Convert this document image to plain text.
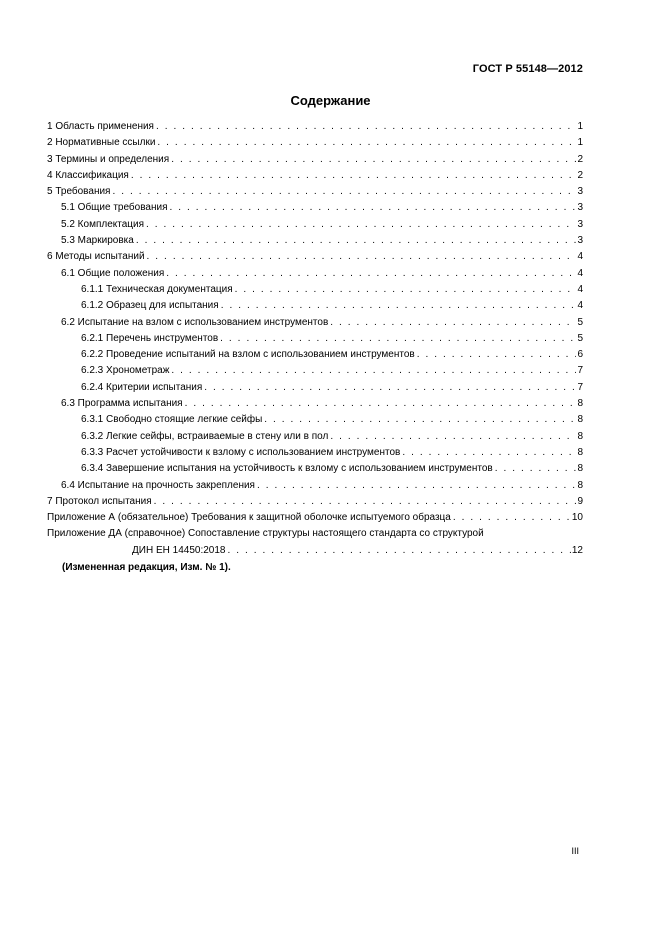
ГОСТ Р 55148—2012
Содержание
1 Область применения . . .	1
2 Нормативные ссылки . . .	1
3 Термины и определения . . .	2
4 Классификация . . .	2
5 Требования . . .	3
5.1 Общие требования . . .	3
5.2 Комплектация . . .	3
5.3 Маркировка . . .	3
6 Методы испытаний . . .	4
6.1 Общие положения . . .	4
6.1.1 Техническая документация . . .	4
6.1.2 Образец для испытания . . .	4
6.2 Испытание на взлом с использованием инструментов . . .	5
6.2.1 Перечень инструментов . . .	5
6.2.2 Проведение испытаний на взлом с использованием инструментов . . .	6
6.2.3 Хронометраж . . .	7
6.2.4 Критерии испытания . . .	7
6.3 Программа испытания . . .	8
6.3.1 Свободно стоящие легкие сейфы . . .	8
6.3.2 Легкие сейфы, встраиваемые в стену или в пол . . .	8
6.3.3 Расчет устойчивости к взлому с использованием инструментов . . .	8
6.3.4 Завершение испытания на устойчивость к взлому с использованием инструментов . . .	8
6.4 Испытание на прочность закрепления . . .	8
7 Протокол испытания . . .	9
Приложение А (обязательное) Требования к защитной оболочке испытуемого образца . . .	10
Приложение ДА (справочное) Сопоставление структуры настоящего стандарта со структурой
ДИН ЕН 14450:2018 . . .	12
(Измененная редакция, Изм. № 1).
III
